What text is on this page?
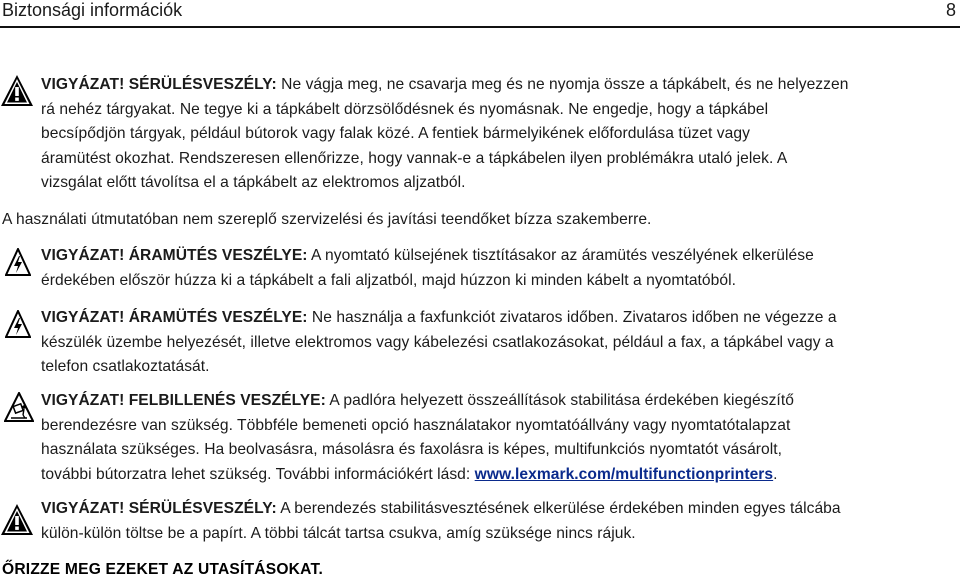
Biztonsági információk	8
VIGYÁZAT! SÉRÜLÉSVESZÉLY: Ne vágja meg, ne csavarja meg és ne nyomja össze a tápkábelt, és ne helyezzen
rá nehéz tárgyakat. Ne tegye ki a tápkábelt dörzsölődésnek és nyomásnak. Ne engedje, hogy a tápkábel
becsípődjön tárgyak, például bútorok vagy falak közé. A fentiek bármelyikének előfordulása tüzet vagy
áramütést okozhat. Rendszeresen ellenőrizze, hogy vannak-e a tápkábelen ilyen problémákra utaló jelek. A
vizsgálat előtt távolítsa el a tápkábelt az elektromos aljzatból.
A használati útmutatóban nem szereplő szervizelési és javítási teendőket bízza szakemberre.
VIGYÁZAT! ÁRAMÜTÉS VESZÉLYE: A nyomtató külsejének tisztításakor az áramütés veszélyének elkerülése
érdekében először húzza ki a tápkábelt a fali aljzatból, majd húzzon ki minden kábelt a nyomtatóból.
VIGYÁZAT! ÁRAMÜTÉS VESZÉLYE: Ne használja a faxfunkciót zivataros időben. Zivataros időben ne végezze a
készülék üzembe helyezését, illetve elektromos vagy kábelezési csatlakozásokat, például a fax, a tápkábel vagy a
telefon csatlakoztatását.
VIGYÁZAT! FELBILLENÉS VESZÉLYE: A padlóra helyezett összeállítások stabilitása érdekében kiegészítő
berendezésre van szükség. Többféle bemeneti opció használatakor nyomtatóállvány vagy nyomtatótalapzat
használata szükséges. Ha beolvasásra, másolásra és faxolásra is képes, multifunkciós nyomtatót vásárolt,
további bútorzatra lehet szükség. További információkért lásd: www.lexmark.com/multifunctionprinters.
VIGYÁZAT! SÉRÜLÉSVESZÉLY: A berendezés stabilitásvesztésének elkerülése érdekében minden egyes tálcába
külön-külön töltse be a papírt. A többi tálcát tartsa csukva, amíg szüksége nincs rájuk.
ŐRIZZE MEG EZEKET AZ UTASÍTÁSOKAT.
